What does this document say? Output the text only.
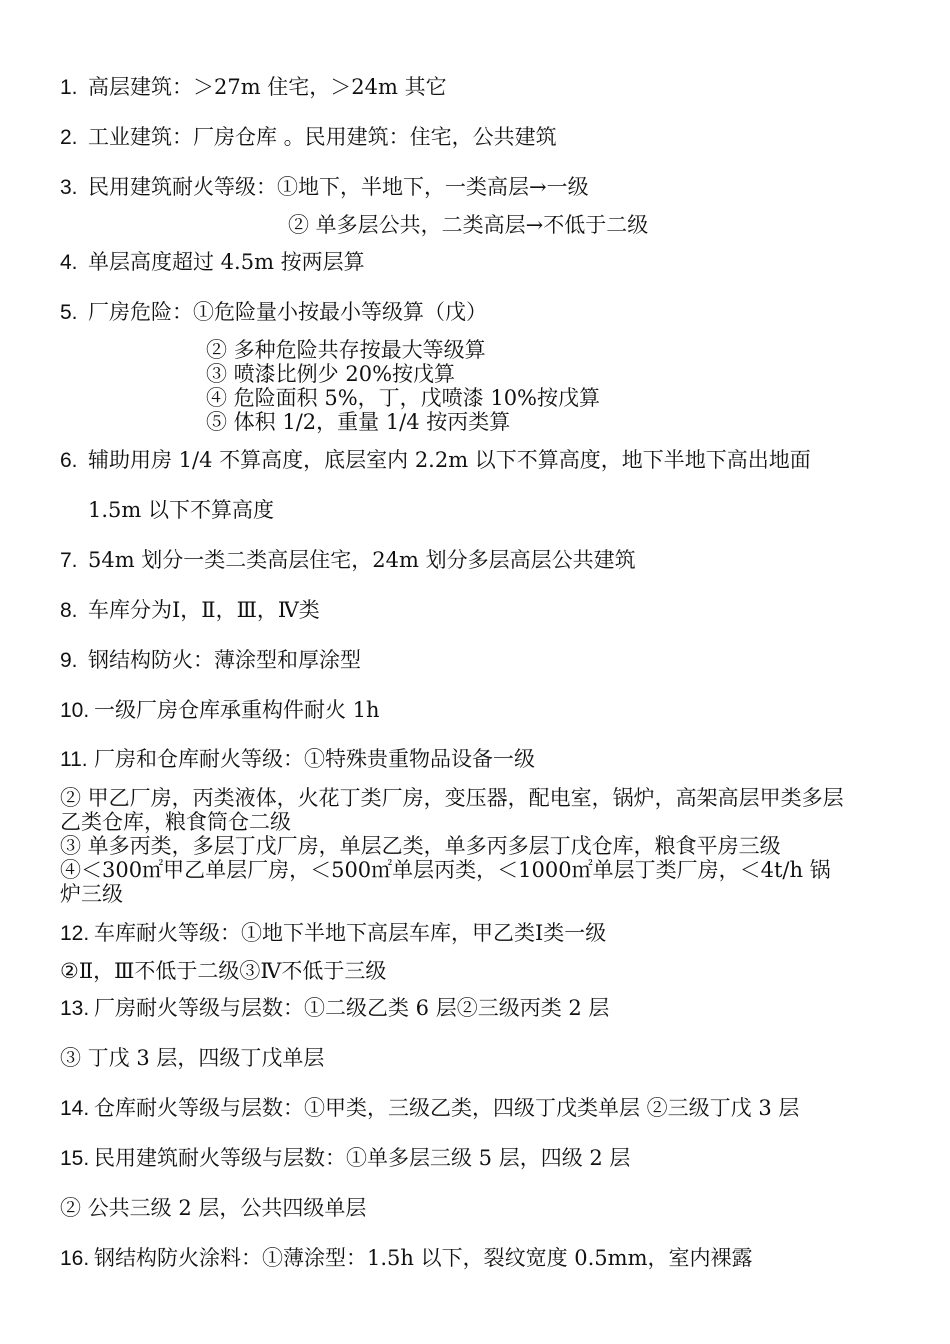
1. 高层建筑：＞27m 住宅，＞24m 其它
2. 工业建筑：厂房仓库 。民用建筑：住宅，公共建筑
3. 民用建筑耐火等级：①地下，半地下，一类高层→一级
② 单多层公共，二类高层→不低于二级
4. 单层高度超过 4.5m 按两层算
5. 厂房危险：①危险量小按最小等级算（戊）
② 多种危险共存按最大等级算
③ 喷漆比例少 20%按戊算
④ 危险面积 5%，丁，戊喷漆 10%按戊算
⑤ 体积 1/2，重量 1/4 按丙类算
6. 辅助用房 1/4 不算高度，底层室内 2.2m 以下不算高度，地下半地下高出地面
1.5m 以下不算高度
7. 54m 划分一类二类高层住宅，24m 划分多层高层公共建筑
8. 车库分为Ⅰ，Ⅱ，Ⅲ，Ⅳ类
9. 钢结构防火：薄涂型和厚涂型
10. 一级厂房仓库承重构件耐火 1h
11. 厂房和仓库耐火等级：①特殊贵重物品设备一级
② 甲乙厂房，丙类液体，火花丁类厂房，变压器，配电室，锅炉，高架高层甲类多层
乙类仓库，粮食筒仓二级
③ 单多丙类，多层丁戊厂房，单层乙类，单多丙多层丁戊仓库，粮食平房三级
④＜300㎡甲乙单层厂房，＜500㎡单层丙类，＜1000㎡单层丁类厂房，＜4t/h 锅
炉三级
12. 车库耐火等级：①地下半地下高层车库，甲乙类Ⅰ类一级
②Ⅱ，Ⅲ不低于二级③Ⅳ不低于三级
13. 厂房耐火等级与层数：①二级乙类 6 层②三级丙类 2 层
③ 丁戊 3 层，四级丁戊单层
14. 仓库耐火等级与层数：①甲类，三级乙类，四级丁戊类单层 ②三级丁戊 3 层
15. 民用建筑耐火等级与层数：①单多层三级 5 层，四级 2 层
② 公共三级 2 层，公共四级单层
16. 钢结构防火涂料：①薄涂型：1.5h 以下，裂纹宽度 0.5mm，室内裸露
